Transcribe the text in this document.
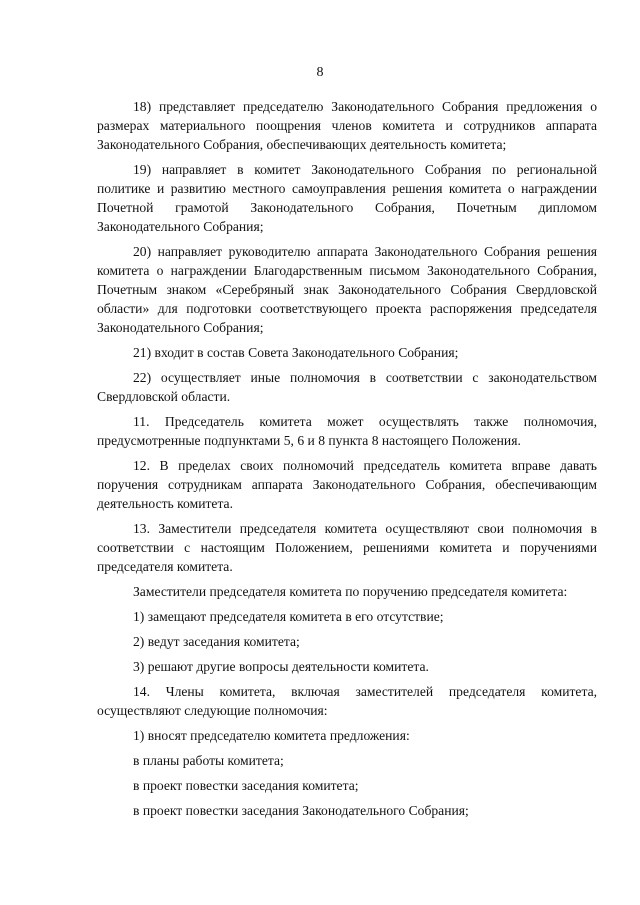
8

18) представляет председателю Законодательного Собрания предложения о размерах материального поощрения членов комитета и сотрудников аппарата Законодательного Собрания, обеспечивающих деятельность комитета;

19) направляет в комитет Законодательного Собрания по региональной политике и развитию местного самоуправления решения комитета о награждении Почетной грамотой Законодательного Собрания, Почетным дипломом Законодательного Собрания;

20) направляет руководителю аппарата Законодательного Собрания решения комитета о награждении Благодарственным письмом Законодательного Собрания, Почетным знаком «Серебряный знак Законодательного Собрания Свердловской области» для подготовки соответствующего проекта распоряжения председателя Законодательного Собрания;

21) входит в состав Совета Законодательного Собрания;

22) осуществляет иные полномочия в соответствии с законодательством Свердловской области.

11. Председатель комитета может осуществлять также полномочия, предусмотренные подпунктами 5, 6 и 8 пункта 8 настоящего Положения.

12. В пределах своих полномочий председатель комитета вправе давать поручения сотрудникам аппарата Законодательного Собрания, обеспечивающим деятельность комитета.

13. Заместители председателя комитета осуществляют свои полномочия в соответствии с настоящим Положением, решениями комитета и поручениями председателя комитета.

Заместители председателя комитета по поручению председателя комитета:

1) замещают председателя комитета в его отсутствие;

2) ведут заседания комитета;

3) решают другие вопросы деятельности комитета.

14. Члены комитета, включая заместителей председателя комитета, осуществляют следующие полномочия:

1) вносят председателю комитета предложения:

в планы работы комитета;

в проект повестки заседания комитета;

в проект повестки заседания Законодательного Собрания;
